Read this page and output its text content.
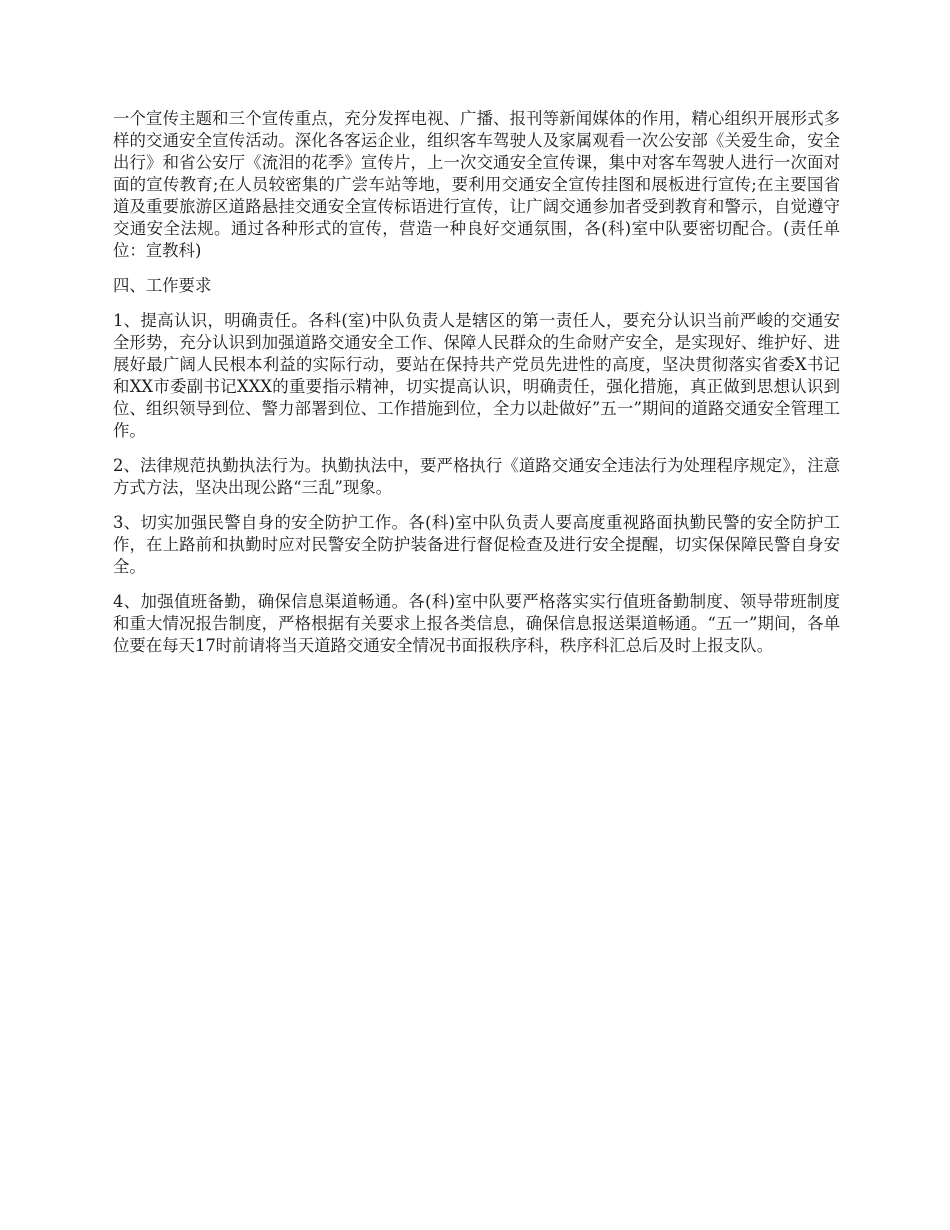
一个宣传主题和三个宣传重点，充分发挥电视、广播、报刊等新闻媒体的作用，精心组织开展形式多样的交通安全宣传活动。深化各客运企业，组织客车驾驶人及家属观看一次公安部《关爱生命，安全出行》和省公安厅《流泪的花季》宣传片，上一次交通安全宣传课，集中对客车驾驶人进行一次面对面的宣传教育;在人员较密集的广尝车站等地，要利用交通安全宣传挂图和展板进行宣传;在主要国省道及重要旅游区道路悬挂交通安全宣传标语进行宣传，让广阔交通参加者受到教育和警示，自觉遵守交通安全法规。通过各种形式的宣传，营造一种良好交通氛围，各(科)室中队要密切配合。(责任单位：宣教科)

四、工作要求

1、提高认识，明确责任。各科(室)中队负责人是辖区的第一责任人，要充分认识当前严峻的交通安全形势，充分认识到加强道路交通安全工作、保障人民群众的生命财产安全，是实现好、维护好、进展好最广阔人民根本利益的实际行动，要站在保持共产党员先进性的高度，坚决贯彻落实省委X书记和XX市委副书记XXX的重要指示精神，切实提高认识，明确责任，强化措施，真正做到思想认识到位、组织领导到位、警力部署到位、工作措施到位，全力以赴做好”五一”期间的道路交通安全管理工作。

2、法律规范执勤执法行为。执勤执法中，要严格执行《道路交通安全违法行为处理程序规定》，注意方式方法，坚决出现公路“三乱”现象。

3、切实加强民警自身的安全防护工作。各(科)室中队负责人要高度重视路面执勤民警的安全防护工作，在上路前和执勤时应对民警安全防护装备进行督促检查及进行安全提醒，切实保保障民警自身安全。

4、加强值班备勤，确保信息渠道畅通。各(科)室中队要严格落实实行值班备勤制度、领导带班制度和重大情况报告制度，严格根据有关要求上报各类信息，确保信息报送渠道畅通。“五一”期间，各单位要在每天17时前请将当天道路交通安全情况书面报秩序科，秩序科汇总后及时上报支队。
